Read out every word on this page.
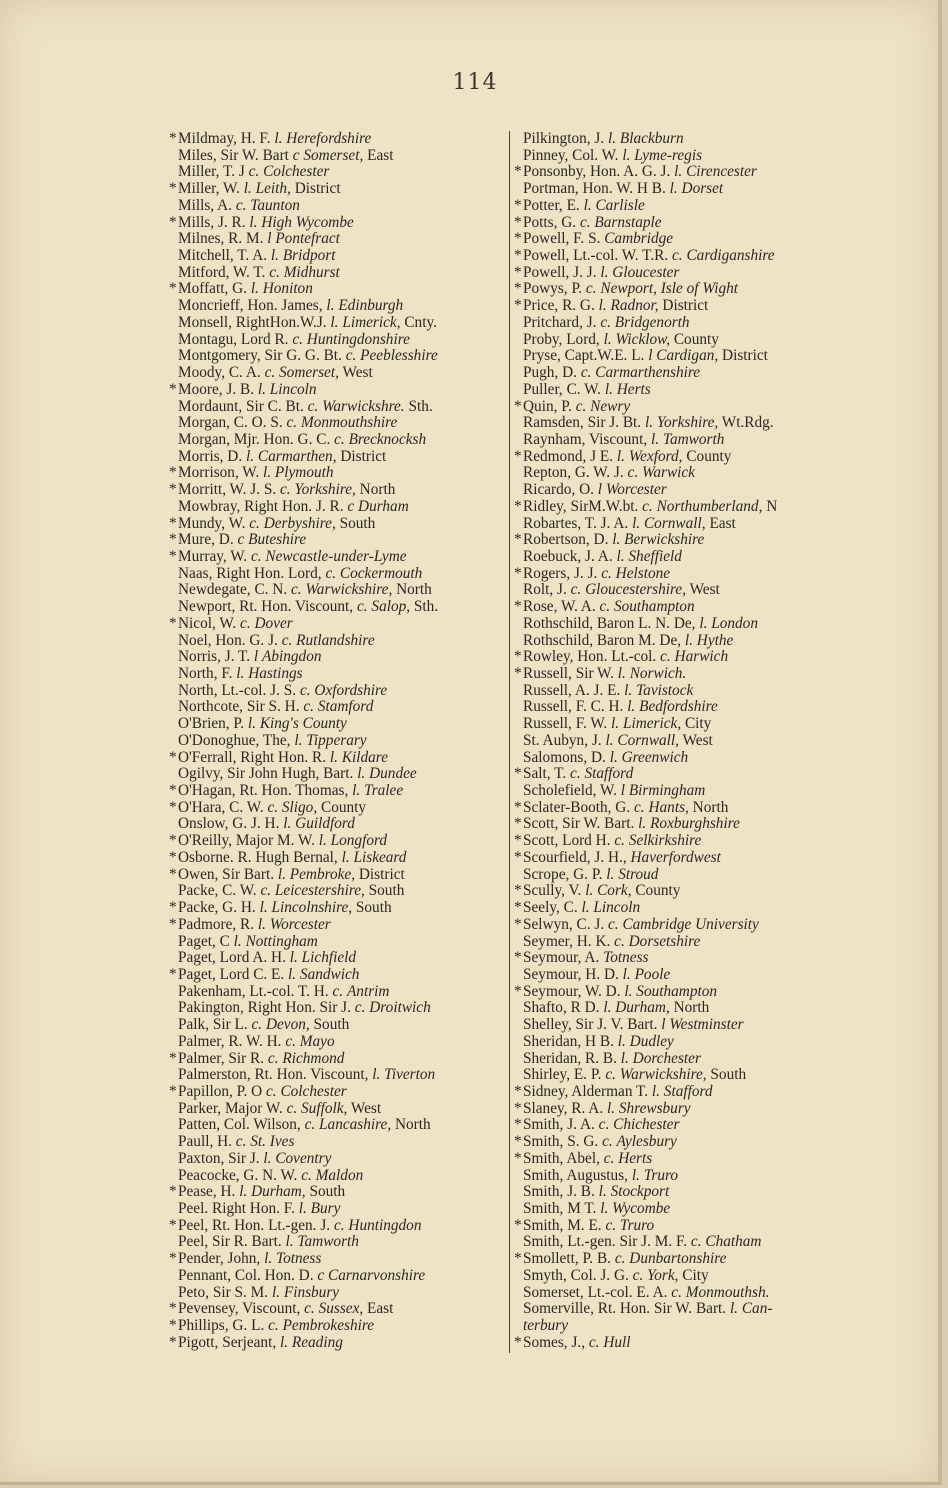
114
*Mildmay, H. F. l. Herefordshire
Miles, Sir W. Bart c Somerset, East
Miller, T. J c. Colchester
*Miller, W. l. Leith, District
Mills, A. c. Taunton
*Mills, J. R. l. High Wycombe
Milnes, R. M. l Pontefract
Mitchell, T. A. l. Bridport
Mitford, W. T. c. Midhurst
*Moffatt, G. l. Honiton
Moncrieff, Hon. James, l. Edinburgh
Monsell, RightHon.W.J. l. Limerick, Cnty.
Montagu, Lord R. c. Huntingdonshire
Montgomery, Sir G. G. Bt. c. Peeblesshire
Moody, C. A. c. Somerset, West
*Moore, J. B. l. Lincoln
Mordaunt, Sir C. Bt. c. Warwickshre. Sth.
Morgan, C. O. S. c. Monmouthshire
Morgan, Mjr. Hon. G. C. c. Brecknocksh
Morris, D. l. Carmarthen, District
*Morrison, W. l. Plymouth
*Morritt, W. J. S. c. Yorkshire, North
Mowbray, Right Hon. J. R. c Durham
*Mundy, W. c. Derbyshire, South
*Mure, D. c Buteshire
*Murray, W. c. Newcastle-under-Lyme
Naas, Right Hon. Lord, c. Cockermouth
Newdegate, C. N. c. Warwickshire, North
Newport, Rt. Hon. Viscount, c. Salop, Sth.
*Nicol, W. c. Dover
Noel, Hon. G. J. c. Rutlandshire
Norris, J. T. l Abingdon
North, F. l. Hastings
North, Lt.-col. J. S. c. Oxfordshire
Northcote, Sir S. H. c. Stamford
O'Brien, P. l. King's County
O'Donoghue, The, l. Tipperary
*O'Ferrall, Right Hon. R. l. Kildare
Ogilvy, Sir John Hugh, Bart. l. Dundee
*O'Hagan, Rt. Hon. Thomas, l. Tralee
*O'Hara, C. W. c. Sligo, County
Onslow, G. J. H. l. Guildford
*O'Reilly, Major M. W. l. Longford
*Osborne. R. Hugh Bernal, l. Liskeard
*Owen, Sir Bart. l. Pembroke, District
Packe, C. W. c. Leicestershire, South
*Packe, G. H. l. Lincolnshire, South
*Padmore, R. l. Worcester
Paget, C l. Nottingham
Paget, Lord A. H. l. Lichfield
*Paget, Lord C. E. l. Sandwich
Pakenham, Lt.-col. T. H. c. Antrim
Pakington, Right Hon. Sir J. c. Droitwich
Palk, Sir L. c. Devon, South
Palmer, R. W. H. c. Mayo
*Palmer, Sir R. c. Richmond
Palmerston, Rt. Hon. Viscount, l. Tiverton
*Papillon, P. O c. Colchester
Parker, Major W. c. Suffolk, West
Patten, Col. Wilson, c. Lancashire, North
Paull, H. c. St. Ives
Paxton, Sir J. l. Coventry
Peacocke, G. N. W. c. Maldon
*Pease, H. l. Durham, South
Peel. Right Hon. F. l. Bury
*Peel, Rt. Hon. Lt.-gen. J. c. Huntingdon
Peel, Sir R. Bart. l. Tamworth
*Pender, John, l. Totness
Pennant, Col. Hon. D. c Carnarvonshire
Peto, Sir S. M. l. Finsbury
*Pevensey, Viscount, c. Sussex, East
*Phillips, G. L. c. Pembrokeshire
*Pigott, Serjeant, l. Reading
Pilkington, J. l. Blackburn
Pinney, Col. W. l. Lyme-regis
*Ponsonby, Hon. A. G. J. l. Cirencester
Portman, Hon. W. H B. l. Dorset
*Potter, E. l. Carlisle
*Potts, G. c. Barnstaple
*Powell, F. S. Cambridge
*Powell, Lt.-col. W. T.R. c. Cardiganshire
*Powell, J. J. l. Gloucester
*Powys, P. c. Newport, Isle of Wight
*Price, R. G. l. Radnor, District
Pritchard, J. c. Bridgenorth
Proby, Lord, l. Wicklow, County
Pryse, Capt.W.E. L. l Cardigan, District
Pugh, D. c. Carmarthenshire
Puller, C. W. l. Herts
*Quin, P. c. Newry
Ramsden, Sir J. Bt. l. Yorkshire, Wt.Rdg.
Raynham, Viscount, l. Tamworth
*Redmond, J E. l. Wexford, County
Repton, G. W. J. c. Warwick
Ricardo, O. l Worcester
*Ridley, SirM.W.bt. c. Northumberland, N
Robartes, T. J. A. l. Cornwall, East
*Robertson, D. l. Berwickshire
Roebuck, J. A. l. Sheffield
*Rogers, J. J. c. Helstone
Rolt, J. c. Gloucestershire, West
*Rose, W. A. c. Southampton
Rothschild, Baron L. N. De, l. London
Rothschild, Baron M. De, l. Hythe
*Rowley, Hon. Lt.-col. c. Harwich
*Russell, Sir W. l. Norwich.
Russell, A. J. E. l. Tavistock
Russell, F. C. H. l. Bedfordshire
Russell, F. W. l. Limerick, City
St. Aubyn, J. l. Cornwall, West
Salomons, D. l. Greenwich
*Salt, T. c. Stafford
Scholefield, W. l Birmingham
*Sclater-Booth, G. c. Hants, North
*Scott, Sir W. Bart. l. Roxburghshire
*Scott, Lord H. c. Selkirkshire
*Scourfield, J. H., Haverfordwest
Scrope, G. P. l. Stroud
*Scully, V. l. Cork, County
*Seely, C. l. Lincoln
*Selwyn, C. J. c. Cambridge University
Seymer, H. K. c. Dorsetshire
*Seymour, A. Totness
Seymour, H. D. l. Poole
*Seymour, W. D. l. Southampton
Shafto, R D. l. Durham, North
Shelley, Sir J. V. Bart. l Westminster
Sheridan, H B. l. Dudley
Sheridan, R. B. l. Dorchester
Shirley, E. P. c. Warwickshire, South
*Sidney, Alderman T. l. Stafford
*Slaney, R. A. l. Shrewsbury
*Smith, J. A. c. Chichester
*Smith, S. G. c. Aylesbury
*Smith, Abel, c. Herts
Smith, Augustus, l. Truro
Smith, J. B. l. Stockport
Smith, M T. l. Wycombe
*Smith, M. E. c. Truro
Smith, Lt.-gen. Sir J. M. F. c. Chatham
*Smollett, P. B. c. Dunbartonshire
Smyth, Col. J. G. c. York, City
Somerset, Lt.-col. E. A. c. Monmouthsh.
Somerville, Rt. Hon. Sir W. Bart. l. Can-
terbury
*Somes, J., c. Hull
